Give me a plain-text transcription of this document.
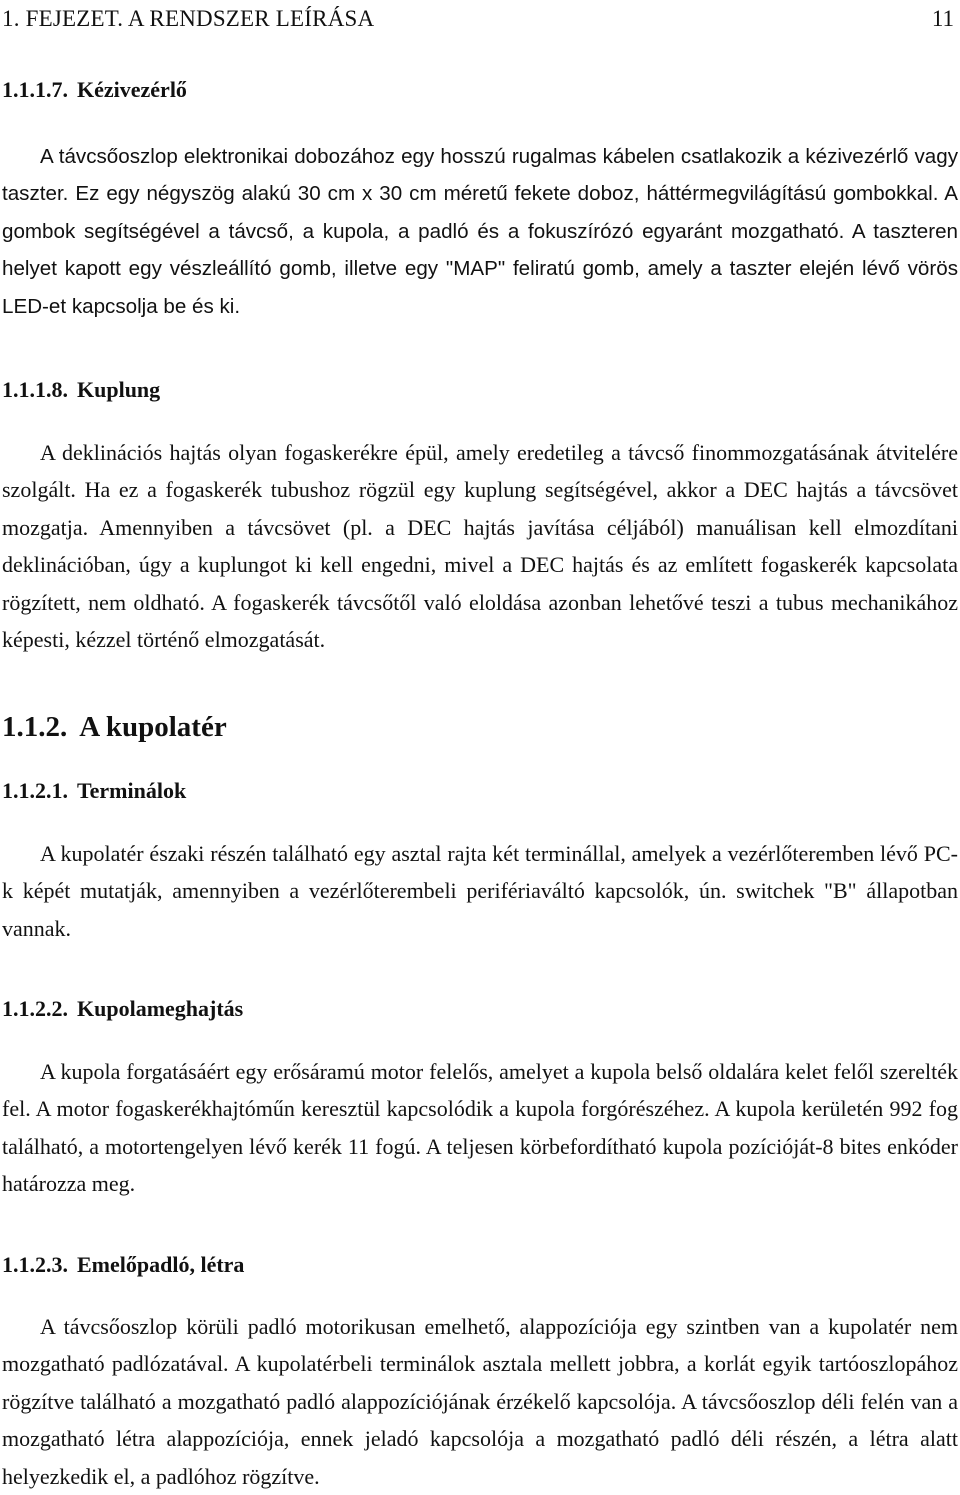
1. FEJEZET. A RENDSZER LEÍRÁSA	11
1.1.1.7. Kézivezérlő

A távcsőoszlop elektronikai dobozához egy hosszú rugalmas kábelen csatlakozik a kézivezérlő vagy taszter. Ez egy négyszög alakú 30 cm x 30 cm méretű fekete doboz, háttérmegvilágítású gombokkal. A gombok segítségével a távcső, a kupola, a padló és a fokuszírózó egyaránt mozgatható. A taszteren helyet kapott egy vészleállító gomb, illetve egy "MAP" feliratú gomb, amely a taszter elején lévő vörös LED-et kapcsolja be és ki.

1.1.1.8. Kuplung

A deklinációs hajtás olyan fogaskerékre épül, amely eredetileg a távcső finommozgatásának átvitelére szolgált. Ha ez a fogaskerék tubushoz rögzül egy kuplung segítségével, akkor a DEC hajtás a távcsövet mozgatja. Amennyiben a távcsövet (pl. a DEC hajtás javítása céljából) manuálisan kell elmozdítani deklinációban, úgy a kuplungot ki kell engedni, mivel a DEC hajtás és az említett fogaskerék kapcsolata rögzített, nem oldható. A fogaskerék távcsőtől való eloldása azonban lehetővé teszi a tubus mechanikához képesti, kézzel történő elmozgatását.

1.1.2. A kupolatér
1.1.2.1. Terminálok

A kupolatér északi részén található egy asztal rajta két terminállal, amelyek a vezérlőteremben lévő PC-k képét mutatják, amennyiben a vezérlőterembeli perifériaváltó kapcsolók, ún. switchek "B" állapotban vannak.

1.1.2.2. Kupolameghajtás

A kupola forgatásáért egy erősáramú motor felelős, amelyet a kupola belső oldalára kelet felől szerelték fel. A motor fogaskerékhajtóműn keresztül kapcsolódik a kupola forgórészéhez. A kupola kerületén 992 fog található, a motortengelyen lévő kerék 11 fogú. A teljesen körbefordítható kupola pozícióját-8 bites enkóder határozza meg.

1.1.2.3. Emelőpadló, létra

A távcsőoszlop körüli padló motorikusan emelhető, alappozíciója egy szintben van a kupolatér nem mozgatható padlózatával. A kupolatérbeli terminálok asztala mellett jobbra, a korlát egyik tartóoszlopához rögzítve található a mozgatható padló alappozíciójának érzékelő kapcsolója. A távcsőoszlop déli felén van a mozgatható létra alappozíciója, ennek jeladó kapcsolója a mozgatható padló déli részén, a létra alatt helyezkedik el, a padlóhoz rögzítve.
